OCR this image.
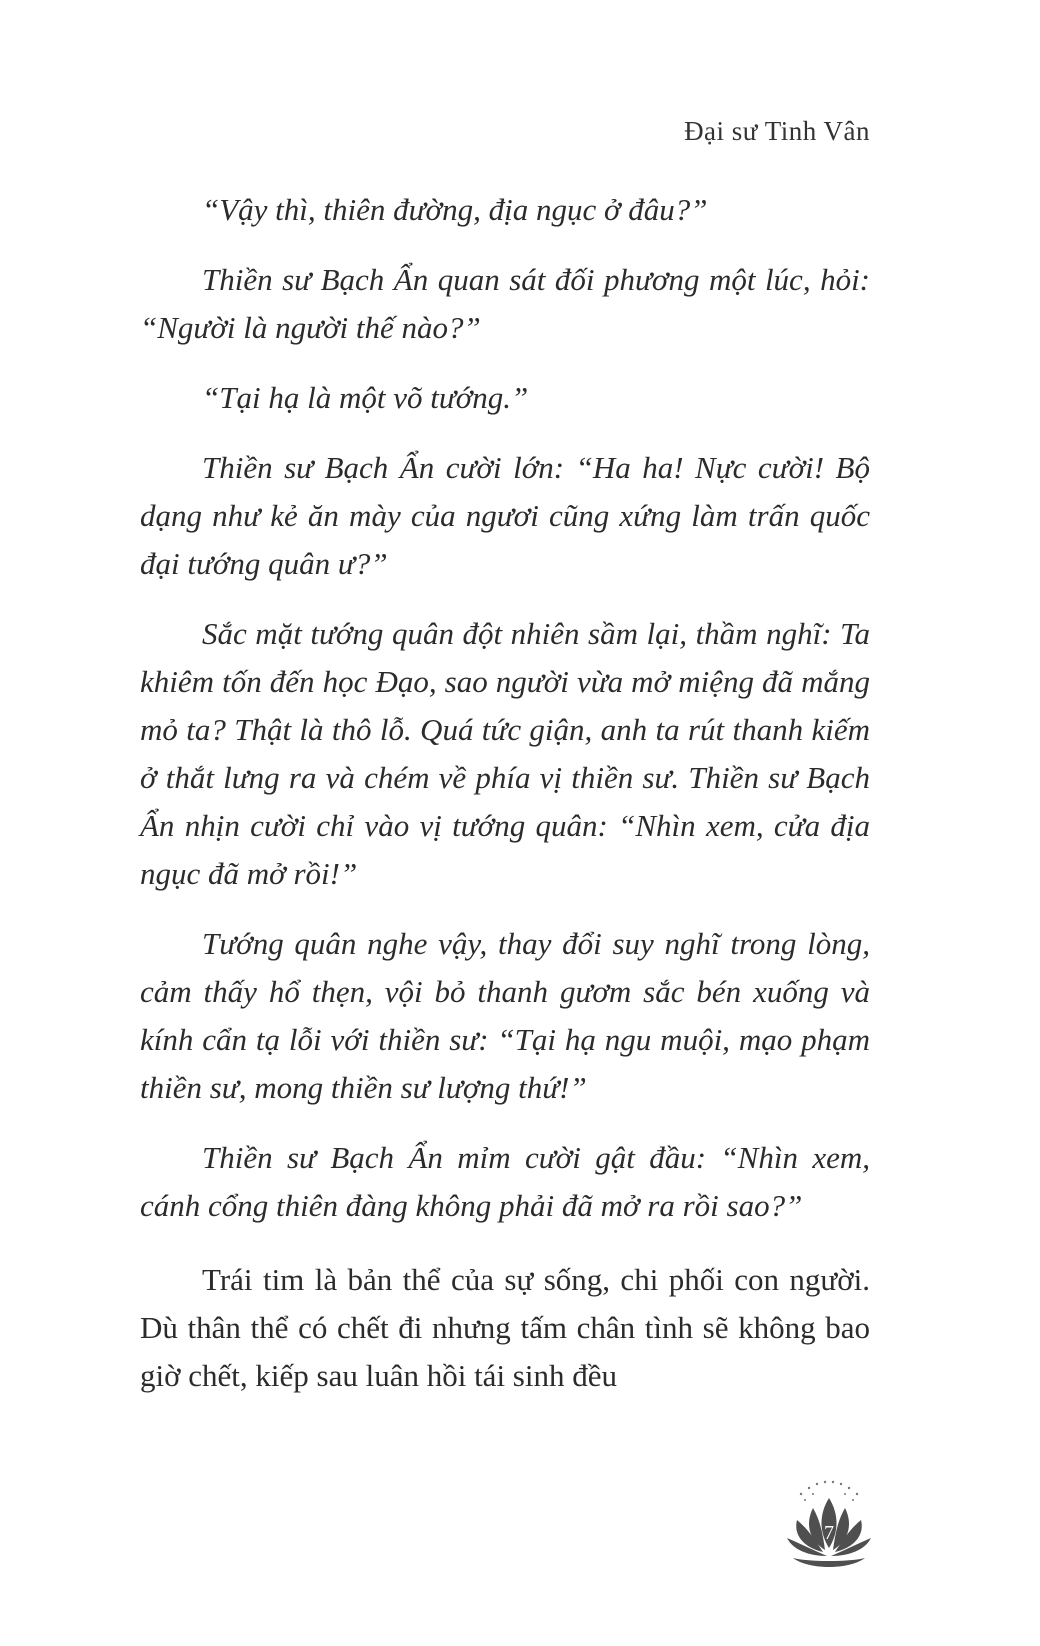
Đại sư Tinh Vân

“Vậy thì, thiên đường, địa ngục ở đâu?”

Thiền sư Bạch Ẩn quan sát đối phương một lúc, hỏi: “Người là người thế nào?”

“Tại hạ là một võ tướng.”

Thiền sư Bạch Ẩn cười lớn: “Ha ha! Nực cười! Bộ dạng như kẻ ăn mày của ngươi cũng xứng làm trấn quốc đại tướng quân ư?”

Sắc mặt tướng quân đột nhiên sầm lại, thầm nghĩ: Ta khiêm tốn đến học Đạo, sao người vừa mở miệng đã mắng mỏ ta? Thật là thô lỗ. Quá tức giận, anh ta rút thanh kiếm ở thắt lưng ra và chém về phía vị thiền sư. Thiền sư Bạch Ẩn nhịn cười chỉ vào vị tướng quân: “Nhìn xem, cửa địa ngục đã mở rồi!”

Tướng quân nghe vậy, thay đổi suy nghĩ trong lòng, cảm thấy hổ thẹn, vội bỏ thanh gươm sắc bén xuống và kính cẩn tạ lỗi với thiền sư: “Tại hạ ngu muội, mạo phạm thiền sư, mong thiền sư lượng thứ!”

Thiền sư Bạch Ẩn mỉm cười gật đầu: “Nhìn xem, cánh cổng thiên đàng không phải đã mở ra rồi sao?”

Trái tim là bản thể của sự sống, chi phối con người. Dù thân thể có chết đi nhưng tấm chân tình sẽ không bao giờ chết, kiếp sau luân hồi tái sinh đều

7
